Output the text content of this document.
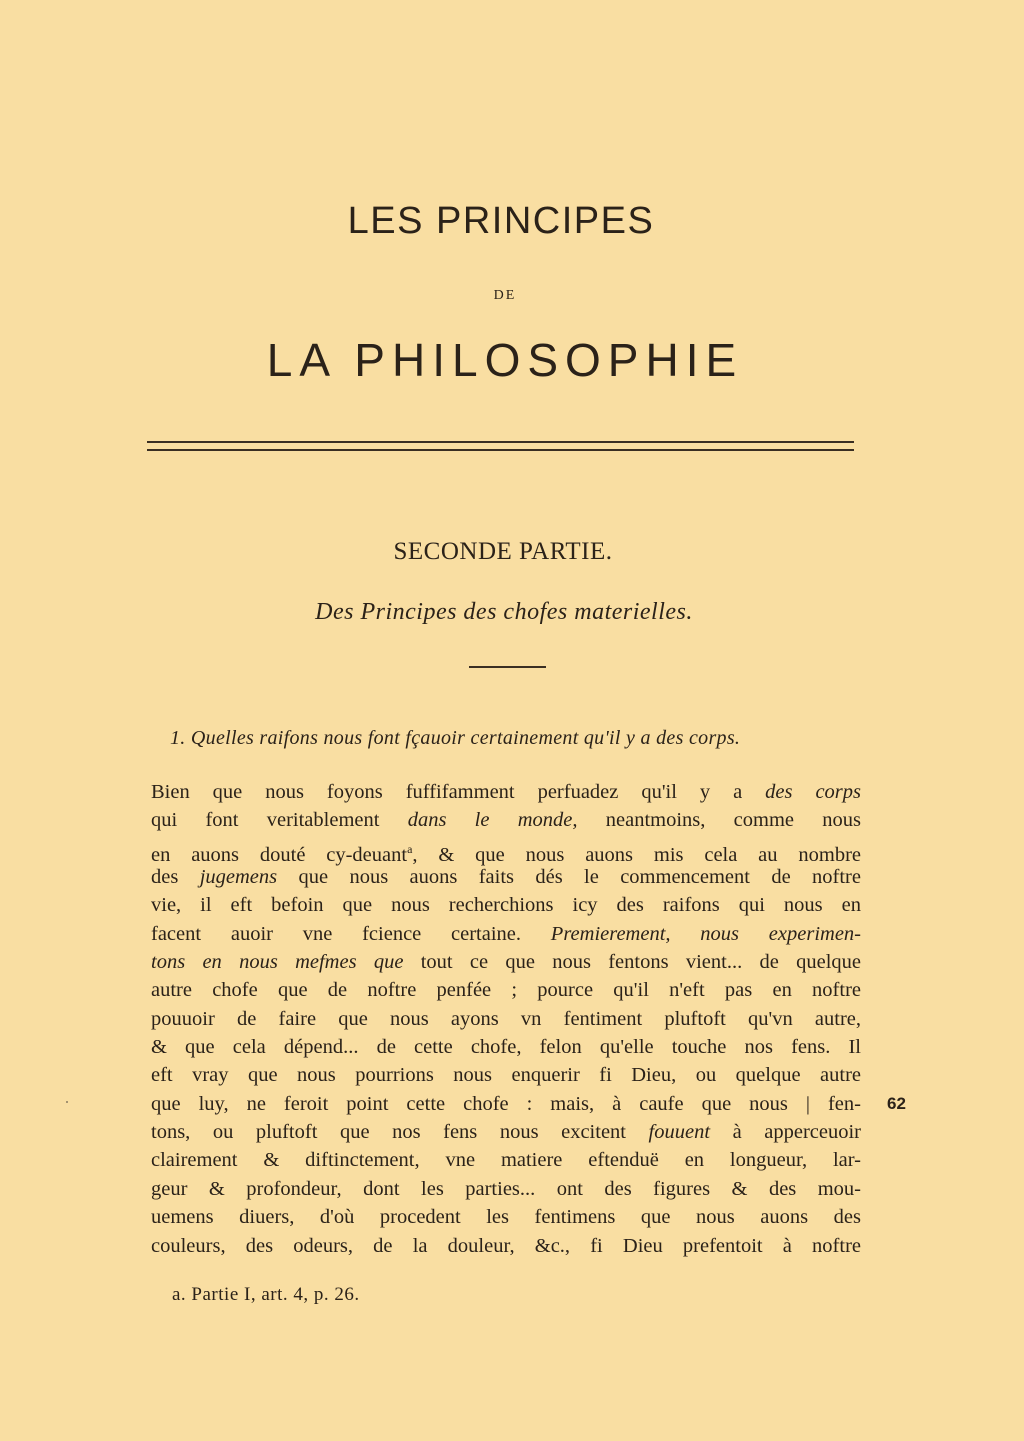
LES PRINCIPES
DE
LA PHILOSOPHIE
SECONDE PARTIE.
Des Principes des chofes materielles.
1. Quelles raifons nous font fçauoir certainement qu'il y a des corps.
Bien que nous foyons fuffifamment perfuadez qu'il y a des corps
qui font veritablement dans le monde, neantmoins, comme nous
en auons douté cy-deuant$^a$, & que nous auons mis cela au nombre
des jugemens que nous auons faits dés le commencement de noftre
vie, il eft befoin que nous recherchions icy des raifons qui nous en
facent auoir vne fcience certaine. Premierement, nous experimen-
tons en nous mefmes que tout ce que nous fentons vient... de quelque
autre chofe que de noftre penfée ; pource qu'il n'eft pas en noftre
pouuoir de faire que nous ayons vn fentiment pluftoft qu'vn autre,
& que cela dépend... de cette chofe, felon qu'elle touche nos fens. Il
eft vray que nous pourrions nous enquerir fi Dieu, ou quelque autre
que luy, ne feroit point cette chofe : mais, à caufe que nous | fen-
tons, ou pluftoft que nos fens nous excitent fouuent à apperceuoir
clairement & diftinctement, vne matiere eftenduë en longueur, lar-
geur & profondeur, dont les parties... ont des figures & des mou-
uemens diuers, d'où procedent les fentimens que nous auons des
couleurs, des odeurs, de la douleur, &c., fi Dieu prefentoit à noftre
62
a. Partie I, art. 4, p. 26.
